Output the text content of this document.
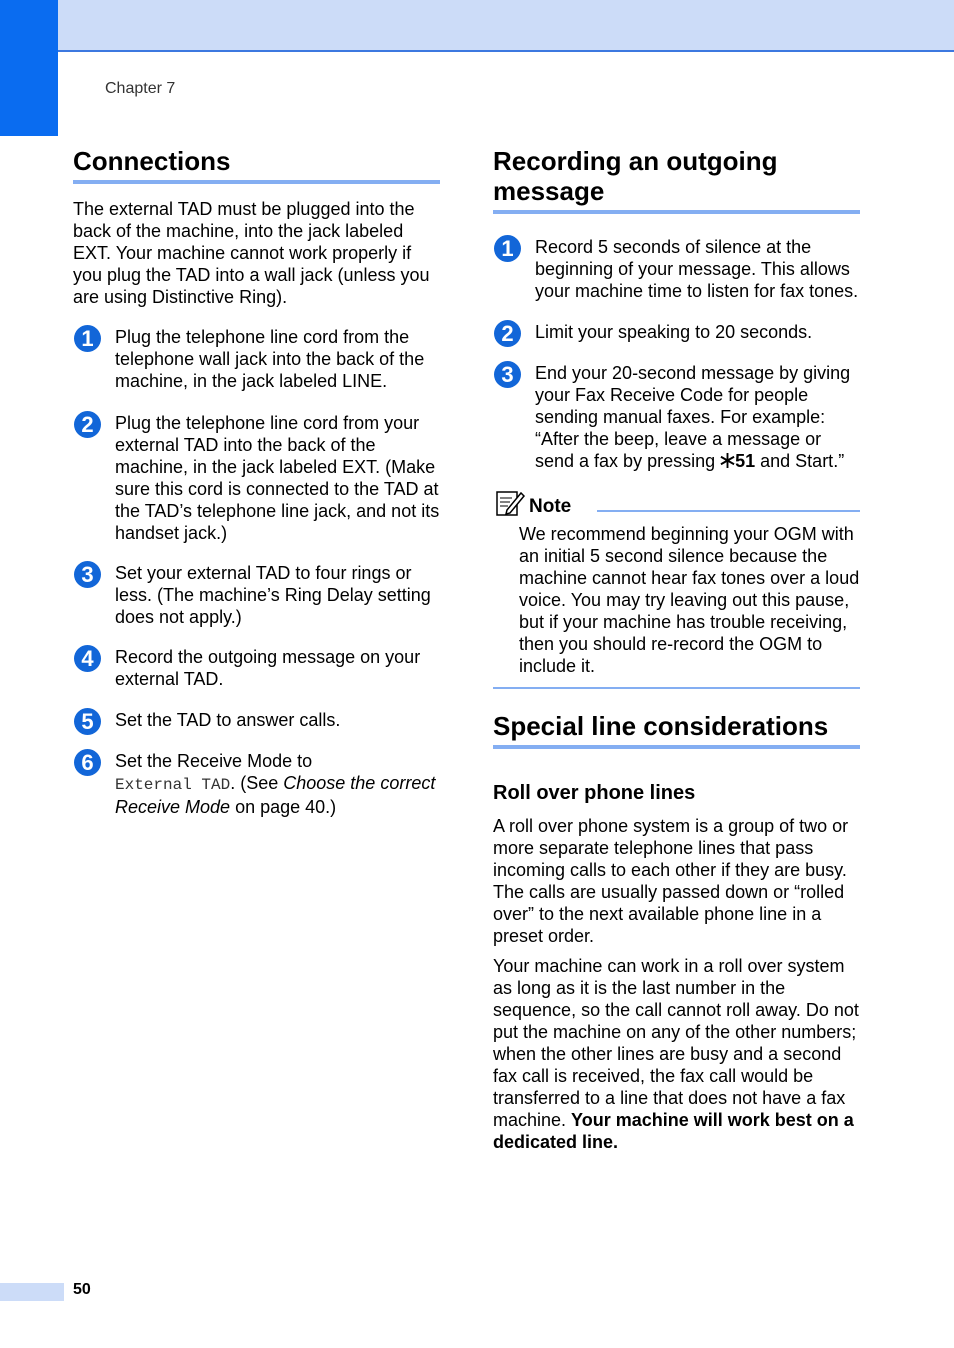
Chapter 7
Connections

The external TAD must be plugged into the back of the machine, into the jack labeled EXT. Your machine cannot work properly if you plug the TAD into a wall jack (unless you are using Distinctive Ring).

1	Plug the telephone line cord from the telephone wall jack into the back of the machine, in the jack labeled LINE.

2	Plug the telephone line cord from your external TAD into the back of the machine, in the jack labeled EXT. (Make sure this cord is connected to the TAD at the TAD’s telephone line jack, and not its handset jack.)

3	Set your external TAD to four rings or less. (The machine’s Ring Delay setting does not apply.)

4	Record the outgoing message on your external TAD.

5	Set the TAD to answer calls.

6	Set the Receive Mode to
External TAD. (See Choose the correct Receive Mode on page 40.)

Recording an outgoing message
1	Record 5 seconds of silence at the beginning of your message. This allows your machine time to listen for fax tones.

2	Limit your speaking to 20 seconds.

3	End your 20-second message by giving your Fax Receive Code for people sending manual faxes. For example: “After the beep, leave a message or send a fax by pressing 51 and Start.”

Note

We recommend beginning your OGM with an initial 5 second silence because the machine cannot hear fax tones over a loud voice. You may try leaving out this pause, but if your machine has trouble receiving, then you should re-record the OGM to include it.

Special line considerations
Roll over phone lines

A roll over phone system is a group of two or more separate telephone lines that pass incoming calls to each other if they are busy. The calls are usually passed down or “rolled over” to the next available phone line in a preset order.

Your machine can work in a roll over system as long as it is the last number in the sequence, so the call cannot roll away. Do not put the machine on any of the other numbers; when the other lines are busy and a second fax call is received, the fax call would be transferred to a line that does not have a fax machine. Your machine will work best on a dedicated line.

50
